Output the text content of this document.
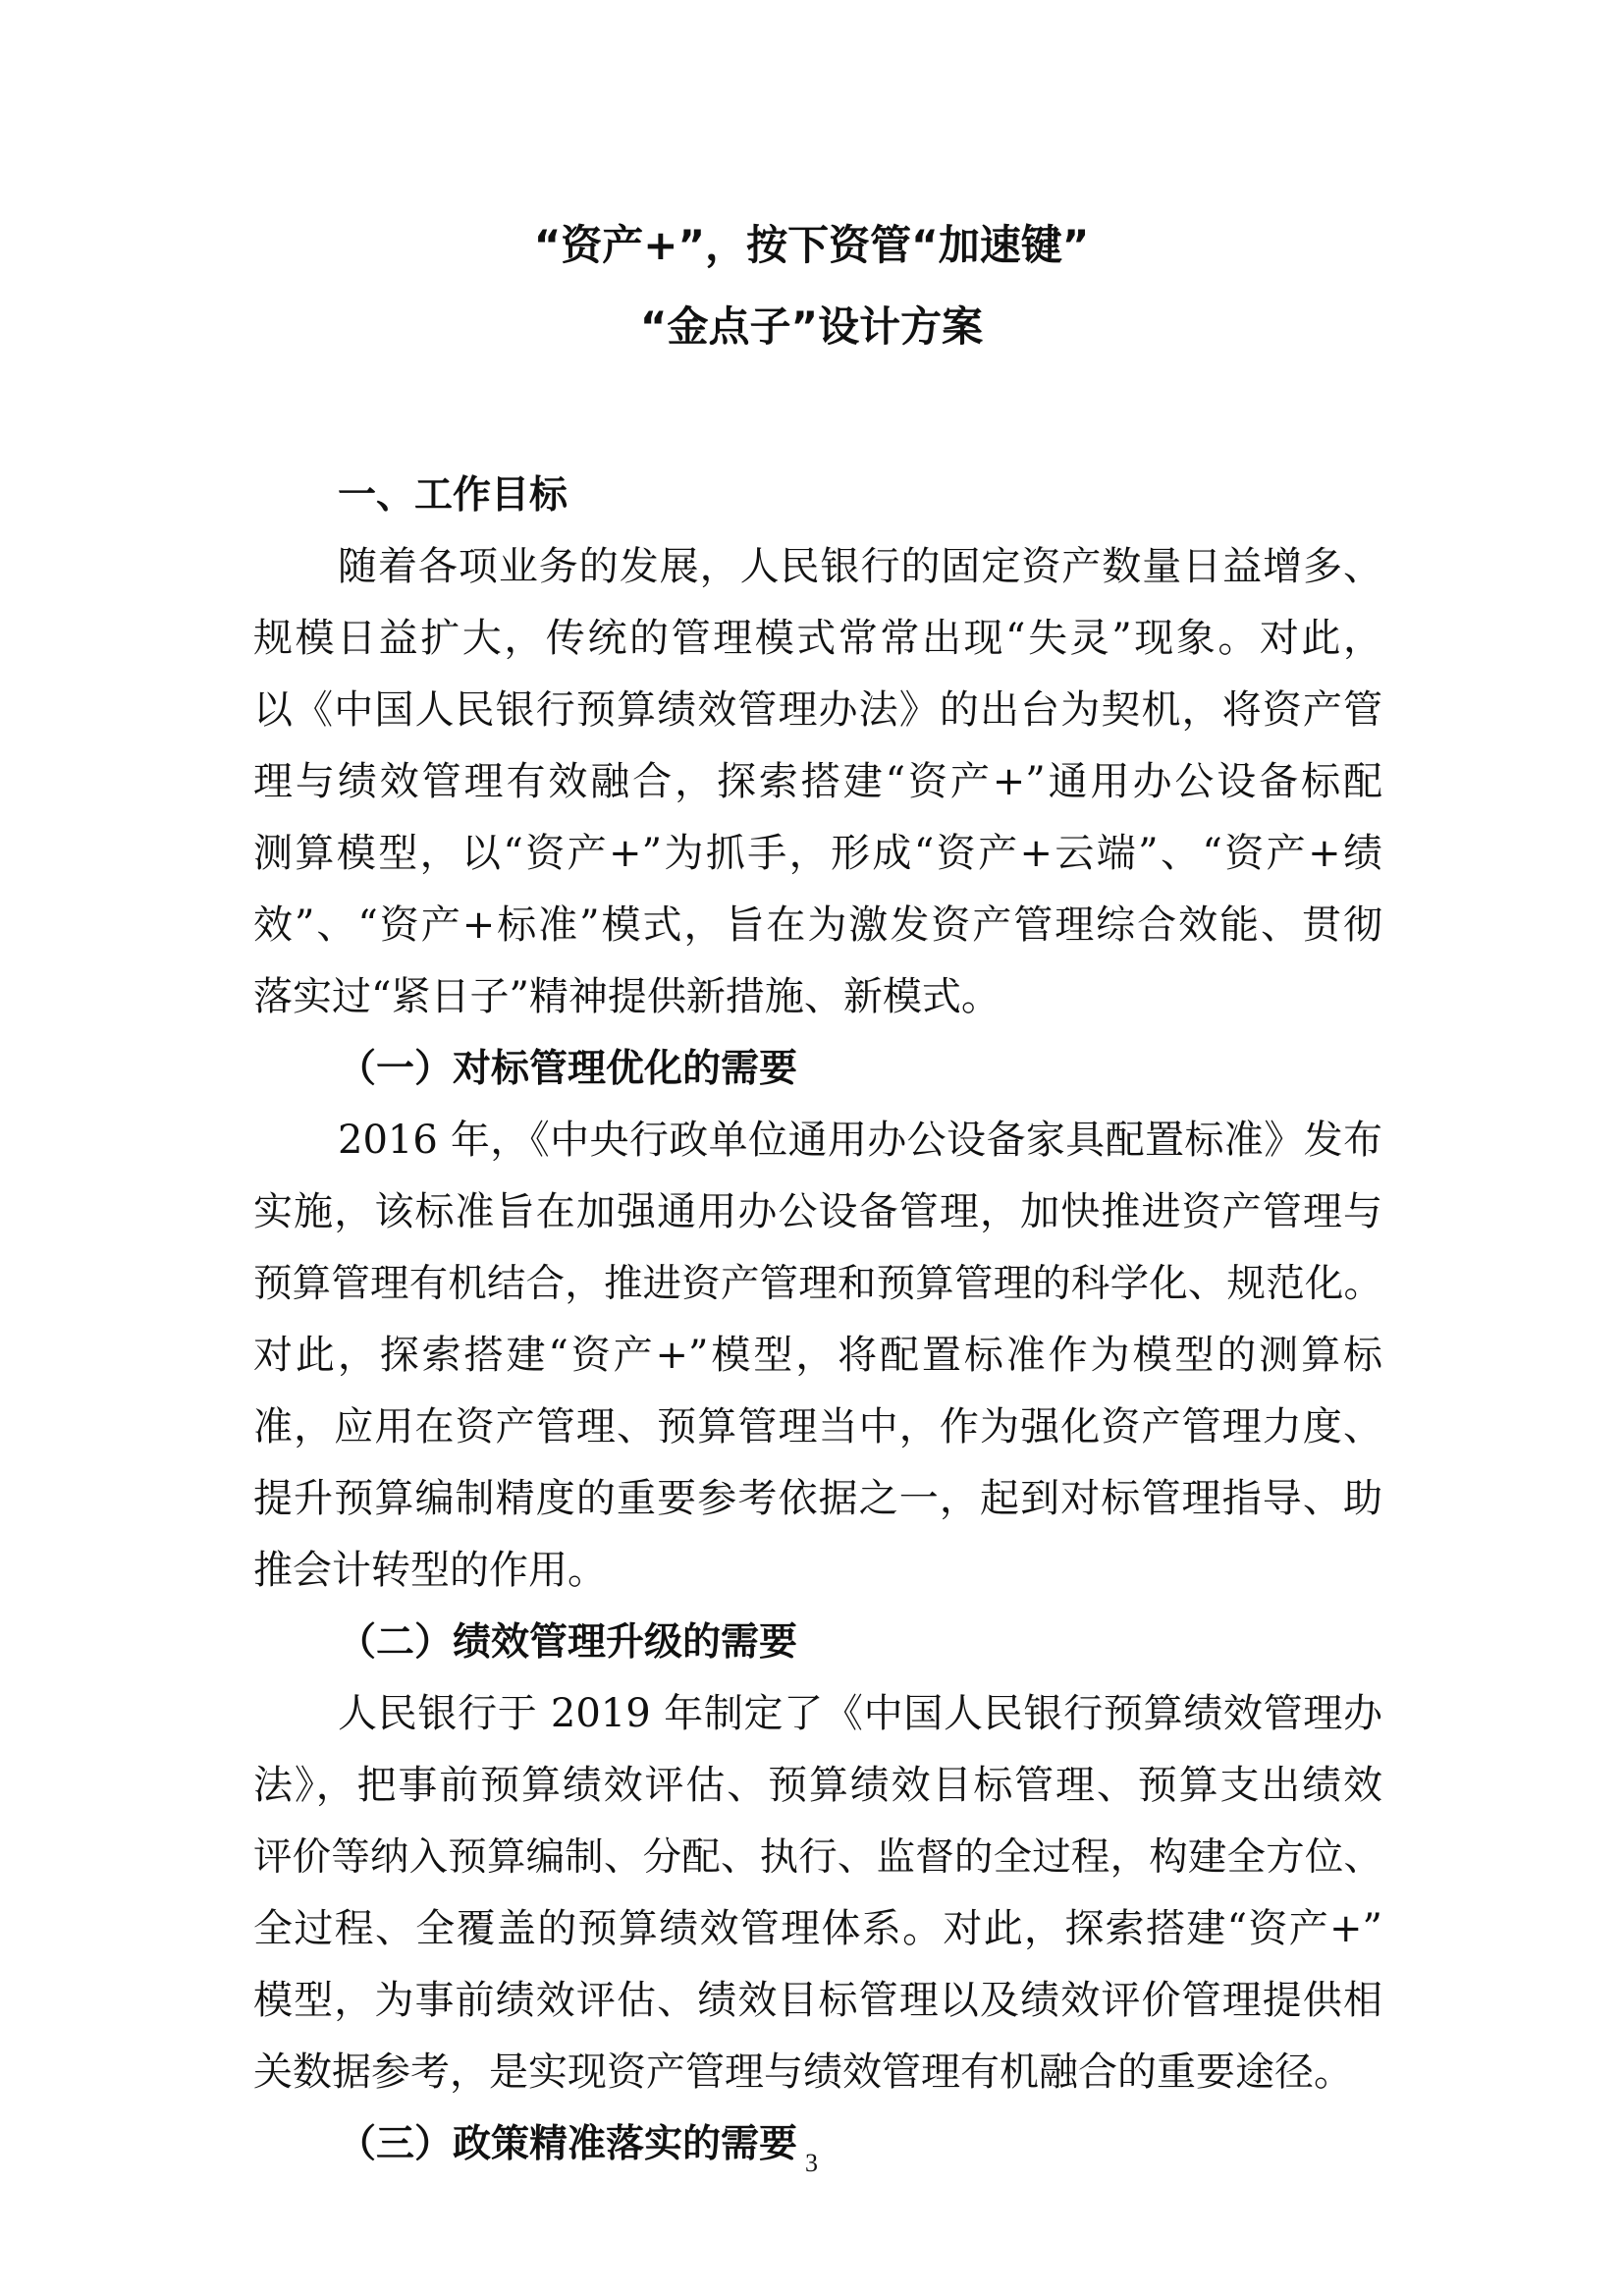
“资产+”，按下资管“加速键”
“金点子”设计方案
一、工作目标
随着各项业务的发展，人民银行的固定资产数量日益增多、
规模日益扩大，传统的管理模式常常出现“失灵”现象。对此，
以《中国人民银行预算绩效管理办法》的出台为契机，将资产管
理与绩效管理有效融合，探索搭建“资产+”通用办公设备标配
测算模型，以“资产+”为抓手，形成“资产+云端”、“资产+绩
效”、“资产+标准”模式，旨在为激发资产管理综合效能、贯彻
落实过“紧日子”精神提供新措施、新模式。
（一）对标管理优化的需要
2016 年，《中央行政单位通用办公设备家具配置标准》发布
实施，该标准旨在加强通用办公设备管理，加快推进资产管理与
预算管理有机结合，推进资产管理和预算管理的科学化、规范化。
对此，探索搭建“资产+”模型，将配置标准作为模型的测算标
准，应用在资产管理、预算管理当中，作为强化资产管理力度、
提升预算编制精度的重要参考依据之一，起到对标管理指导、助
推会计转型的作用。
（二）绩效管理升级的需要
人民银行于 2019 年制定了《中国人民银行预算绩效管理办
法》，把事前预算绩效评估、预算绩效目标管理、预算支出绩效
评价等纳入预算编制、分配、执行、监督的全过程，构建全方位、
全过程、全覆盖的预算绩效管理体系。对此，探索搭建“资产+”
模型，为事前绩效评估、绩效目标管理以及绩效评价管理提供相
关数据参考，是实现资产管理与绩效管理有机融合的重要途径。
（三）政策精准落实的需要 3
